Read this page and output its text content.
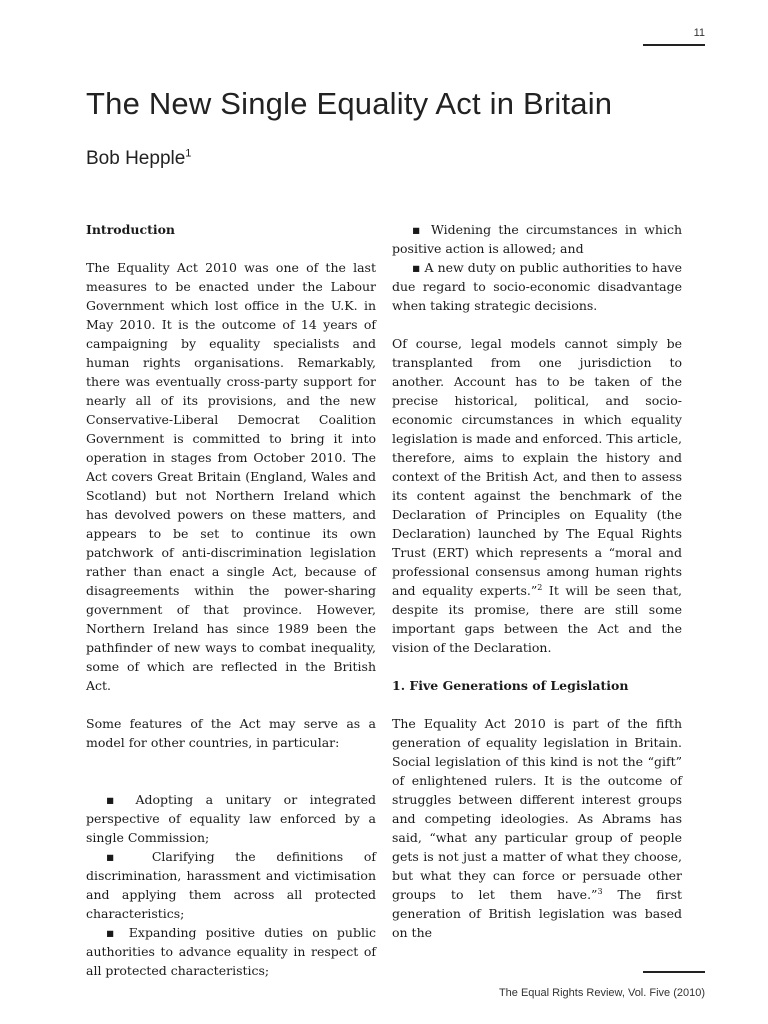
11
The New Single Equality Act in Britain
Bob Hepple$^1$
Introduction

The Equality Act 2010 was one of the last measures to be enacted under the Labour Government which lost office in the U.K. in May 2010. It is the outcome of 14 years of campaigning by equality specialists and human rights organisations. Remarkably, there was eventually cross-party support for nearly all of its provisions, and the new Conservative-Liberal Democrat Coalition Government is committed to bring it into operation in stages from October 2010. The Act covers Great Britain (England, Wales and Scotland) but not Northern Ireland which has devolved powers on these matters, and appears to be set to continue its own patchwork of anti-discrimination legislation rather than enact a single Act, because of disagreements within the power-sharing government of that province. However, Northern Ireland has since 1989 been the pathfinder of new ways to combat inequality, some of which are reflected in the British Act.

Some features of the Act may serve as a model for other countries, in particular:

▪ Adopting a unitary or integrated perspective of equality law enforced by a single Commission;

▪ Clarifying the definitions of discrimination, harassment and victimisation and applying them across all protected characteristics;

▪ Expanding positive duties on public authorities to advance equality in respect of all protected characteristics;

▪ Widening the circumstances in which positive action is allowed; and

▪ A new duty on public authorities to have due regard to socio-economic disadvantage when taking strategic decisions.

Of course, legal models cannot simply be transplanted from one jurisdiction to another. Account has to be taken of the precise historical, political, and socio-economic circumstances in which equality legislation is made and enforced. This article, therefore, aims to explain the history and context of the British Act, and then to assess its content against the benchmark of the Declaration of Principles on Equality (the Declaration) launched by The Equal Rights Trust (ERT) which represents a “moral and professional consensus among human rights and equality experts.”$^2$ It will be seen that, despite its promise, there are still some important gaps between the Act and the vision of the Declaration.

1. Five Generations of Legislation

The Equality Act 2010 is part of the fifth generation of equality legislation in Britain. Social legislation of this kind is not the “gift” of enlightened rulers. It is the outcome of struggles between different interest groups and competing ideologies. As Abrams has said, “what any particular group of people gets is not just a matter of what they choose, but what they can force or persuade other groups to let them have.”$^3$ The first generation of British legislation was based on the

The Equal Rights Review, Vol. Five (2010)
